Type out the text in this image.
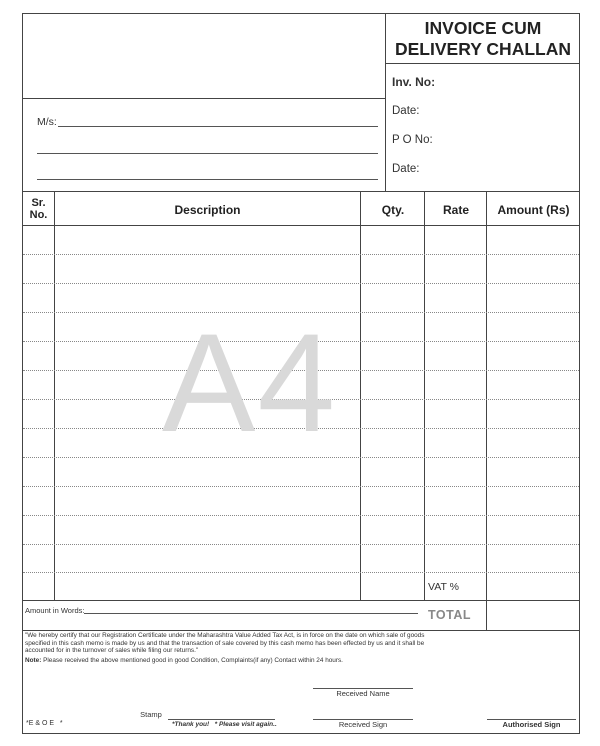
INVOICE CUM
DELIVERY CHALLAN
Inv. No:
Date:
P O No:
Date:
M/s:
Sr. No.	Description	Qty.	Rate	Amount (Rs)
A4
VAT %
Amount in Words:	TOTAL
"We hereby certify that our Registration Certificate under the Maharashtra Value Added Tax Act, is in force on the date on which sale of goods specified in this cash memo is made by us and that the transaction of sale covered by this cash memo has been effected by us and it shall be accounted for in the turnover of sales while filing our returns."
Note: Please received the above mentioned good in good Condition, Complaints(if any) Contact within 24 hours.
Received Name
Stamp
*E & O E   *	*Thank you!   * Please visit again..	Received Sign	Authorised Sign
